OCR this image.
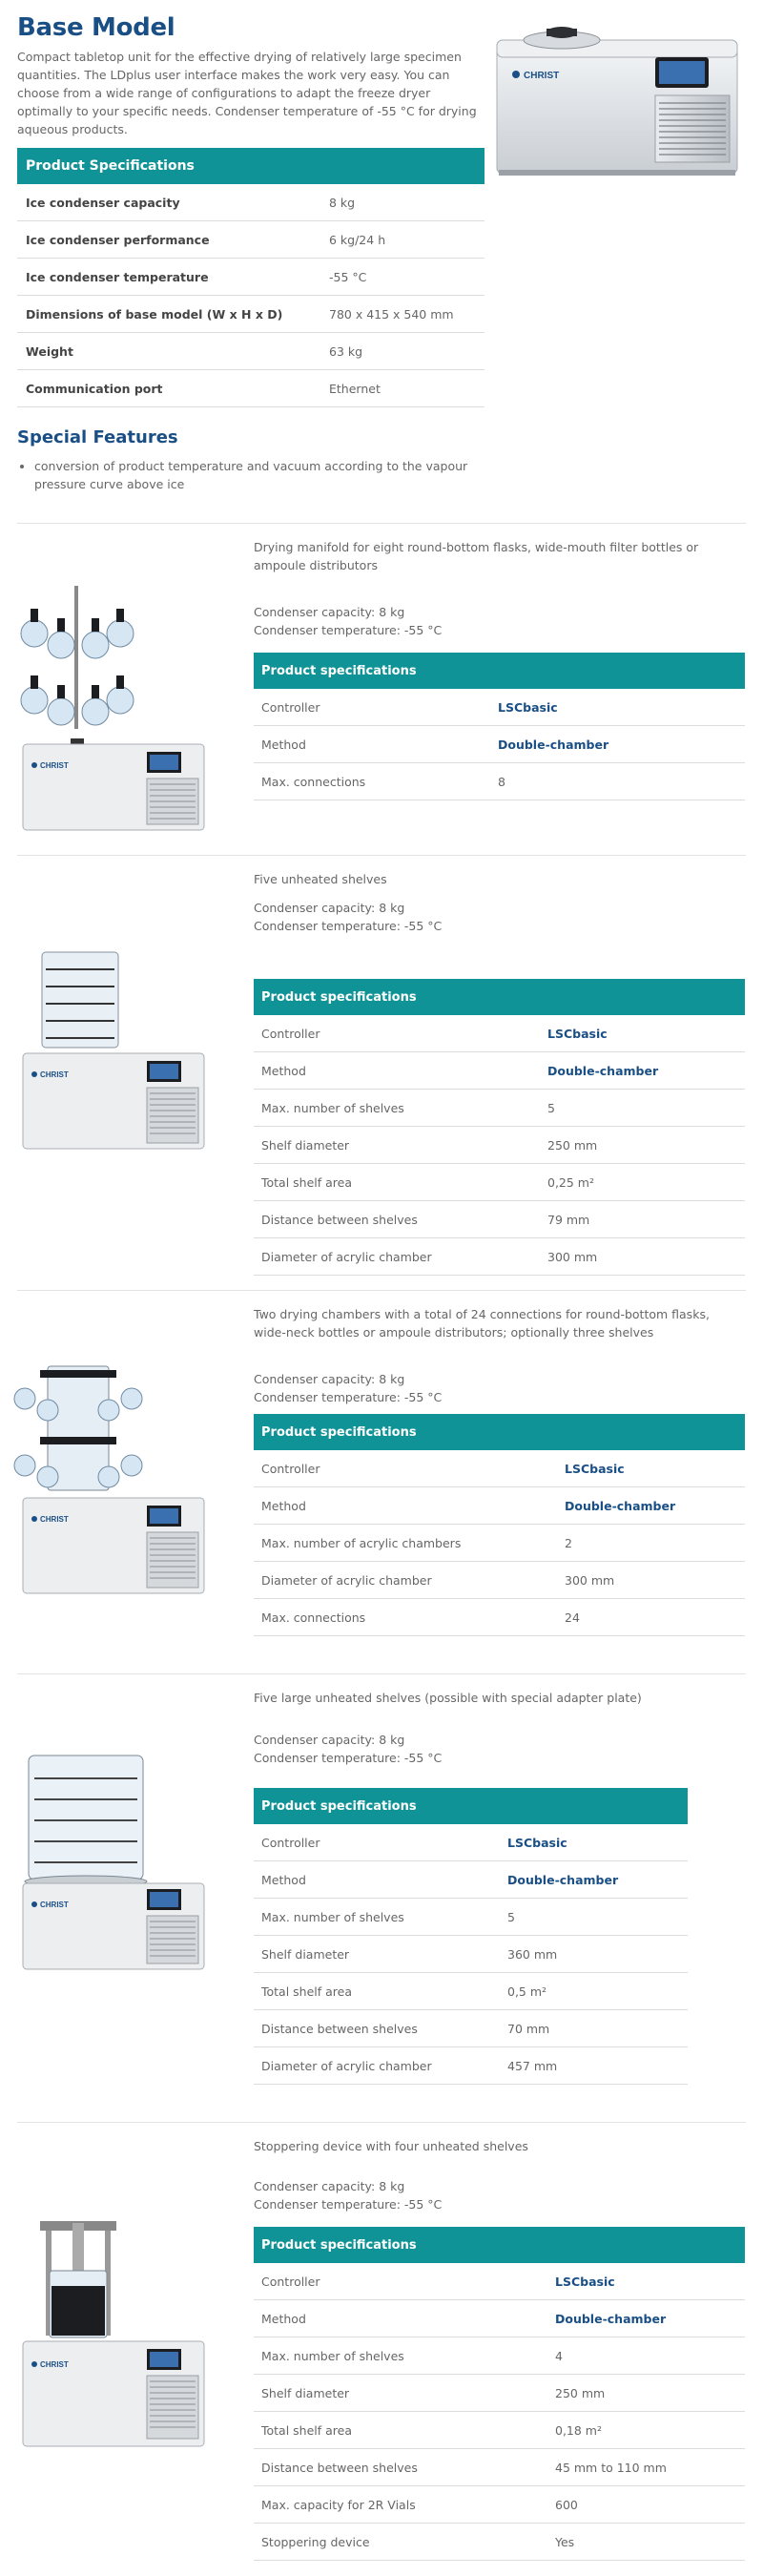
Base Model

Compact tabletop unit for the effective drying of relatively large specimen quantities. The LDplus user interface makes the work very easy. You can choose from a wide range of configurations to adapt the freeze dryer optimally to your specific needs. Condenser temperature of -55 °C for drying aqueous products.

Product Specifications	
Ice condenser capacity	8 kg
Ice condenser performance	6 kg/24 h
Ice condenser temperature	-55 °C
Dimensions of base model (W x H x D)	780 x 415 x 540 mm
Weight	63 kg
Communication port	Ethernet
Special Features
• conversion of product temperature and vacuum according to the vapour pressure curve above ice
CHRIST
CHRIST

Drying manifold for eight round-bottom flasks, wide-mouth filter bottles or ampoule distributors

Condenser capacity: 8 kg
Condenser temperature: -55 °C
Product specifications	
Controller	LSCbasic
Method	Double-chamber
Max. connections	8
CHRIST

Five unheated shelves

Condenser capacity: 8 kg
Condenser temperature: -55 °C
Product specifications	
Controller	LSCbasic
Method	Double-chamber
Max. number of shelves	5
Shelf diameter	250 mm
Total shelf area	0,25 m²
Distance between shelves	79 mm
Diameter of acrylic chamber	300 mm
CHRIST

Two drying chambers with a total of 24 connections for round-bottom flasks, wide-neck bottles or ampoule distributors; optionally three shelves

Condenser capacity: 8 kg
Condenser temperature: -55 °C
Product specifications	
Controller	LSCbasic
Method	Double-chamber
Max. number of acrylic chambers	2
Diameter of acrylic chamber	300 mm
Max. connections	24
CHRIST

Five large unheated shelves (possible with special adapter plate)

Condenser capacity: 8 kg
Condenser temperature: -55 °C
Product specifications	
Controller	LSCbasic
Method	Double-chamber
Max. number of shelves	5
Shelf diameter	360 mm
Total shelf area	0,5 m²
Distance between shelves	70 mm
Diameter of acrylic chamber	457 mm
CHRIST

Stoppering device with four unheated shelves

Condenser capacity: 8 kg
Condenser temperature: -55 °C
Product specifications	
Controller	LSCbasic
Method	Double-chamber
Max. number of shelves	4
Shelf diameter	250 mm
Total shelf area	0,18 m²
Distance between shelves	45 mm to 110 mm
Max. capacity for 2R Vials	600
Stoppering device	Yes
